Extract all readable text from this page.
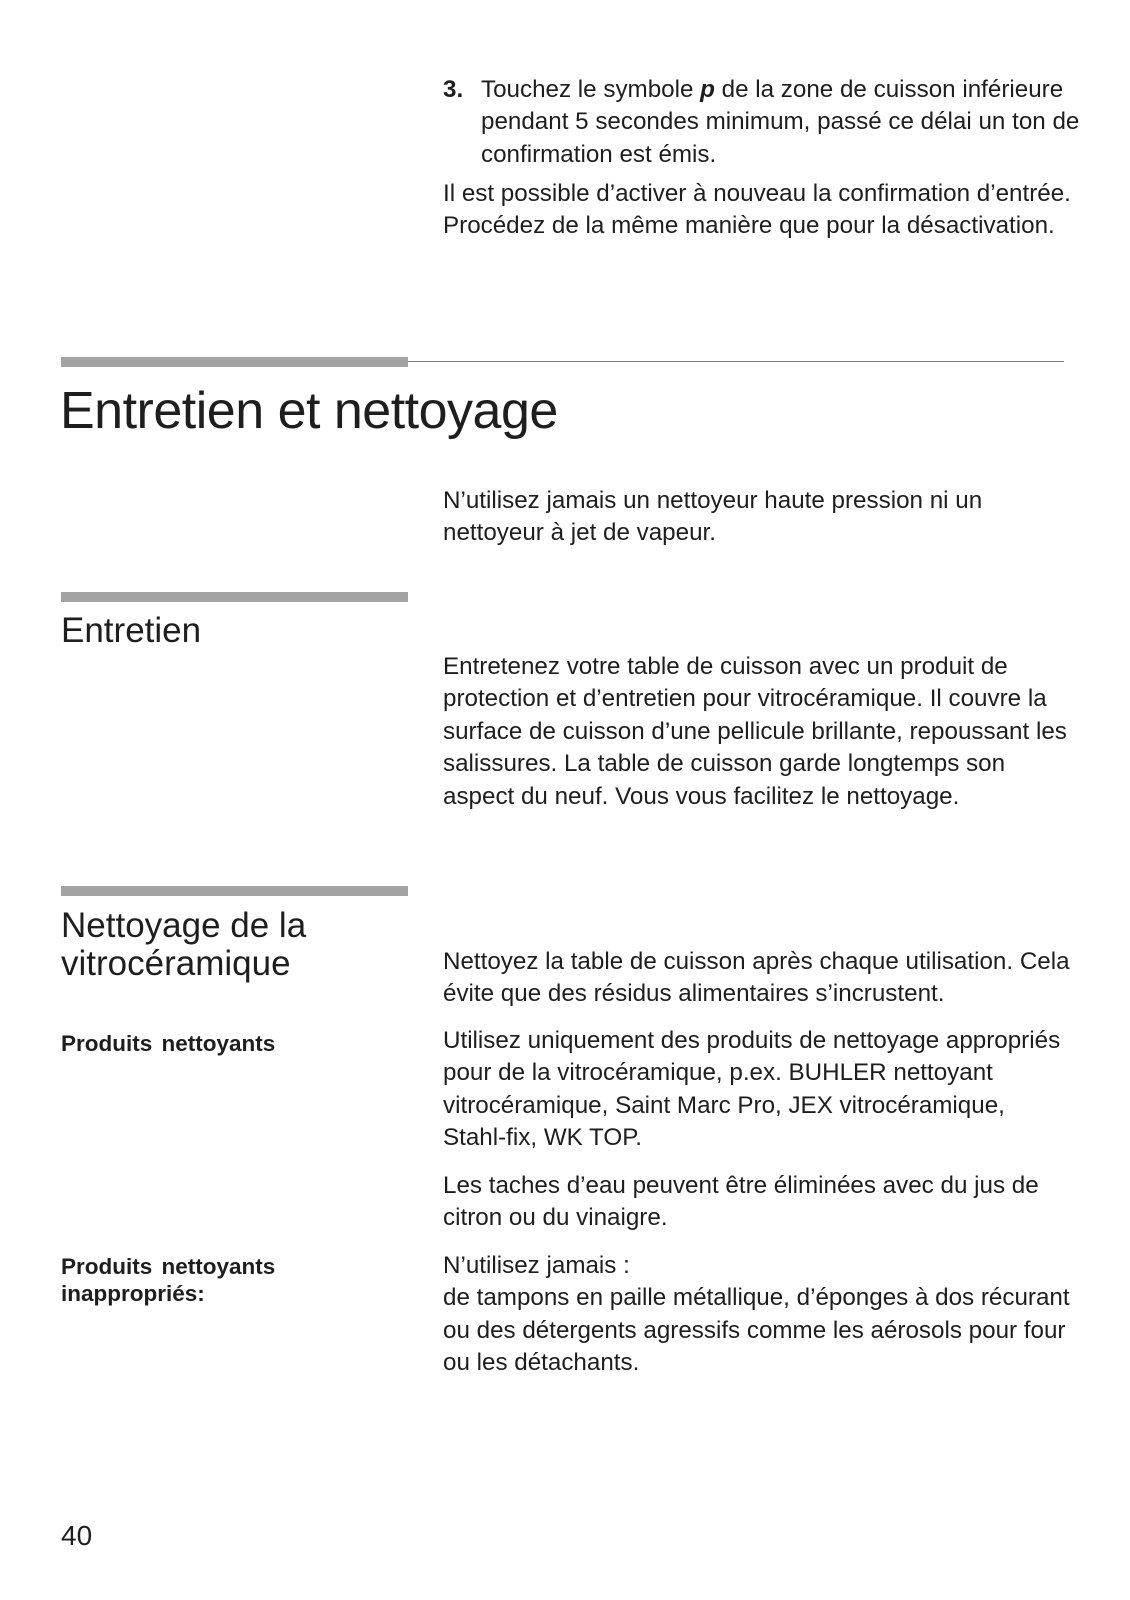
3. Touchez le symbole p de la zone de cuisson inférieure pendant 5 secondes minimum, passé ce délai un ton de confirmation est émis.

Il est possible d’activer à nouveau la confirmation d’entrée. Procédez de la même manière que pour la désactivation.

Entretien et nettoyage

N’utilisez jamais un nettoyeur haute pression ni un nettoyeur à jet de vapeur.

Entretien

Entretenez votre table de cuisson avec un produit de protection et d’entretien pour vitrocéramique. Il couvre la surface de cuisson d’une pellicule brillante, repoussant les salissures. La table de cuisson garde longtemps son aspect du neuf. Vous vous facilitez le nettoyage.

Nettoyage de la
vitrocéramique	Nettoyez la table de cuisson après chaque utilisation. Cela évite que des résidus alimentaires s’incrustent.

Produits nettoyants	Utilisez uniquement des produits de nettoyage appropriés pour de la vitrocéramique, p.ex. BUHLER nettoyant vitrocéramique, Saint Marc Pro, JEX vitrocéramique, Stahl-fix, WK TOP.

Les taches d’eau peuvent être éliminées avec du jus de citron ou du vinaigre.

Produits nettoyants
inappropriés:

N’utilisez jamais :
de tampons en paille métallique, d’éponges à dos récurant ou des détergents agressifs comme les aérosols pour four ou les détachants.

40
